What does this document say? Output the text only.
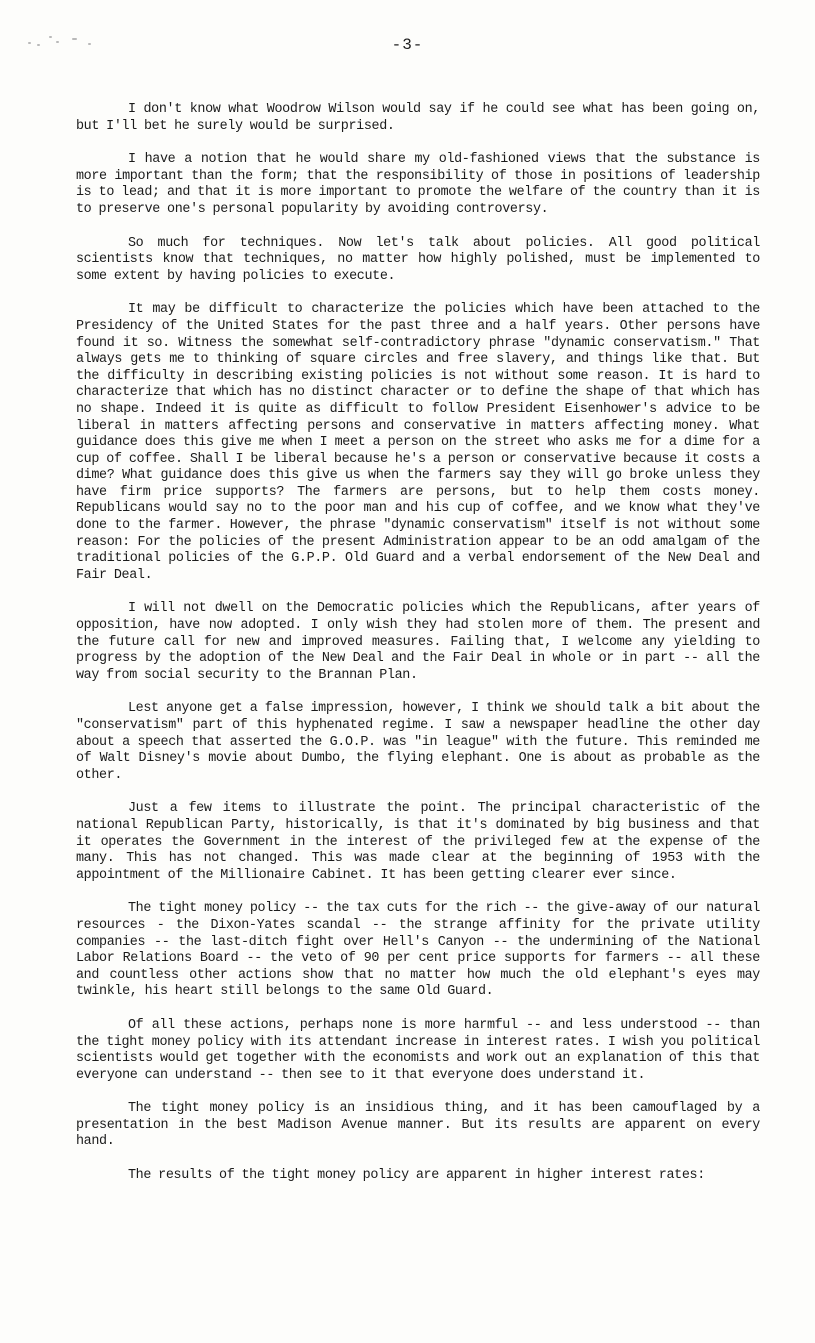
-3-

I don't know what Woodrow Wilson would say if he could see what has been going on, but I'll bet he surely would be surprised.

I have a notion that he would share my old-fashioned views that the substance is more important than the form; that the responsibility of those in positions of leadership is to lead; and that it is more important to promote the welfare of the country than it is to preserve one's personal popularity by avoiding controversy.

So much for techniques. Now let's talk about policies. All good political scientists know that techniques, no matter how highly polished, must be implemented to some extent by having policies to execute.

It may be difficult to characterize the policies which have been attached to the Presidency of the United States for the past three and a half years. Other persons have found it so. Witness the somewhat self-contradictory phrase "dynamic conservatism." That always gets me to thinking of square circles and free slavery, and things like that. But the difficulty in describing existing policies is not without some reason. It is hard to characterize that which has no distinct character or to define the shape of that which has no shape. Indeed it is quite as difficult to follow President Eisenhower's advice to be liberal in matters affecting persons and conservative in matters affecting money. What guidance does this give me when I meet a person on the street who asks me for a dime for a cup of coffee. Shall I be liberal because he's a person or conservative because it costs a dime? What guidance does this give us when the farmers say they will go broke unless they have firm price supports? The farmers are persons, but to help them costs money. Republicans would say no to the poor man and his cup of coffee, and we know what they've done to the farmer. However, the phrase "dynamic conservatism" itself is not without some reason: For the policies of the present Administration appear to be an odd amalgam of the traditional policies of the G.P.P. Old Guard and a verbal endorsement of the New Deal and Fair Deal.

I will not dwell on the Democratic policies which the Republicans, after years of opposition, have now adopted. I only wish they had stolen more of them. The present and the future call for new and improved measures. Failing that, I welcome any yielding to progress by the adoption of the New Deal and the Fair Deal in whole or in part -- all the way from social security to the Brannan Plan.

Lest anyone get a false impression, however, I think we should talk a bit about the "conservatism" part of this hyphenated regime. I saw a newspaper headline the other day about a speech that asserted the G.O.P. was "in league" with the future. This reminded me of Walt Disney's movie about Dumbo, the flying elephant. One is about as probable as the other.

Just a few items to illustrate the point. The principal characteristic of the national Republican Party, historically, is that it's dominated by big business and that it operates the Government in the interest of the privileged few at the expense of the many. This has not changed. This was made clear at the beginning of 1953 with the appointment of the Millionaire Cabinet. It has been getting clearer ever since.

The tight money policy -- the tax cuts for the rich -- the give-away of our natural resources - the Dixon-Yates scandal -- the strange affinity for the private utility companies -- the last-ditch fight over Hell's Canyon -- the undermining of the National Labor Relations Board -- the veto of 90 per cent price supports for farmers -- all these and countless other actions show that no matter how much the old elephant's eyes may twinkle, his heart still belongs to the same Old Guard.

Of all these actions, perhaps none is more harmful -- and less understood -- than the tight money policy with its attendant increase in interest rates. I wish you political scientists would get together with the economists and work out an explanation of this that everyone can understand -- then see to it that everyone does understand it.

The tight money policy is an insidious thing, and it has been camouflaged by a presentation in the best Madison Avenue manner. But its results are apparent on every hand.

The results of the tight money policy are apparent in higher interest rates:
